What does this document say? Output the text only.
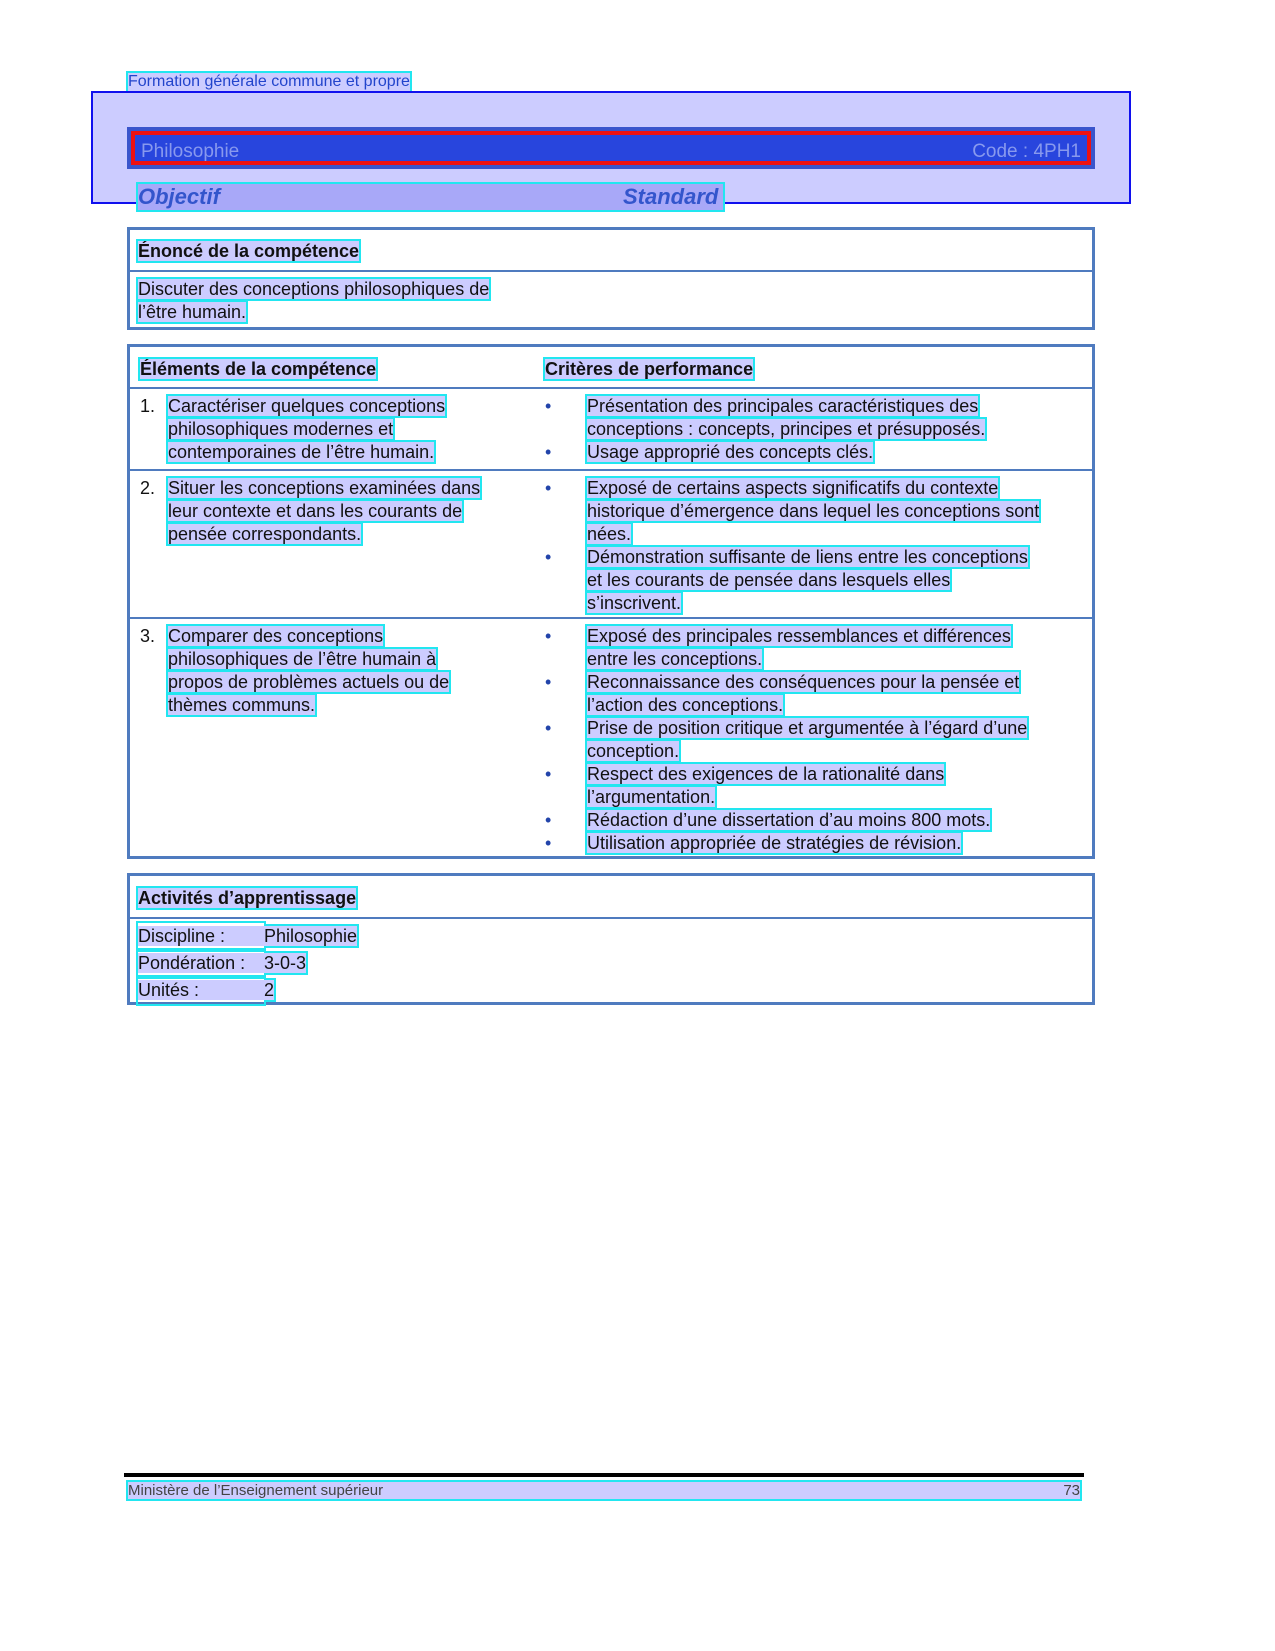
Formation générale commune et propre
Philosophie	Code : 4PH1
Objectif	Standard
Énoncé de la compétence
Discuter des conceptions philosophiques de
l’être humain.
Éléments de la compétence	Critères de performance
1. Caractériser quelques conceptions
philosophiques modernes et
contemporaines de l’être humain.
• Présentation des principales caractéristiques des
conceptions : concepts, principes et présupposés.
• Usage approprié des concepts clés.
2. Situer les conceptions examinées dans
leur contexte et dans les courants de
pensée correspondants.
• Exposé de certains aspects significatifs du contexte
historique d’émergence dans lequel les conceptions sont
nées.
• Démonstration suffisante de liens entre les conceptions
et les courants de pensée dans lesquels elles
s’inscrivent.
3. Comparer des conceptions
philosophiques de l’être humain à
propos de problèmes actuels ou de
thèmes communs.
• Exposé des principales ressemblances et différences
entre les conceptions.
• Reconnaissance des conséquences pour la pensée et
l’action des conceptions.
• Prise de position critique et argumentée à l’égard d’une
conception.
• Respect des exigences de la rationalité dans
l’argumentation.
• Rédaction d’une dissertation d’au moins 800 mots.
• Utilisation appropriée de stratégies de révision.
Activités d’apprentissage
Discipline : Philosophie
Pondération : 3-0-3
Unités :	2
Ministère de l’Enseignement supérieur	73
